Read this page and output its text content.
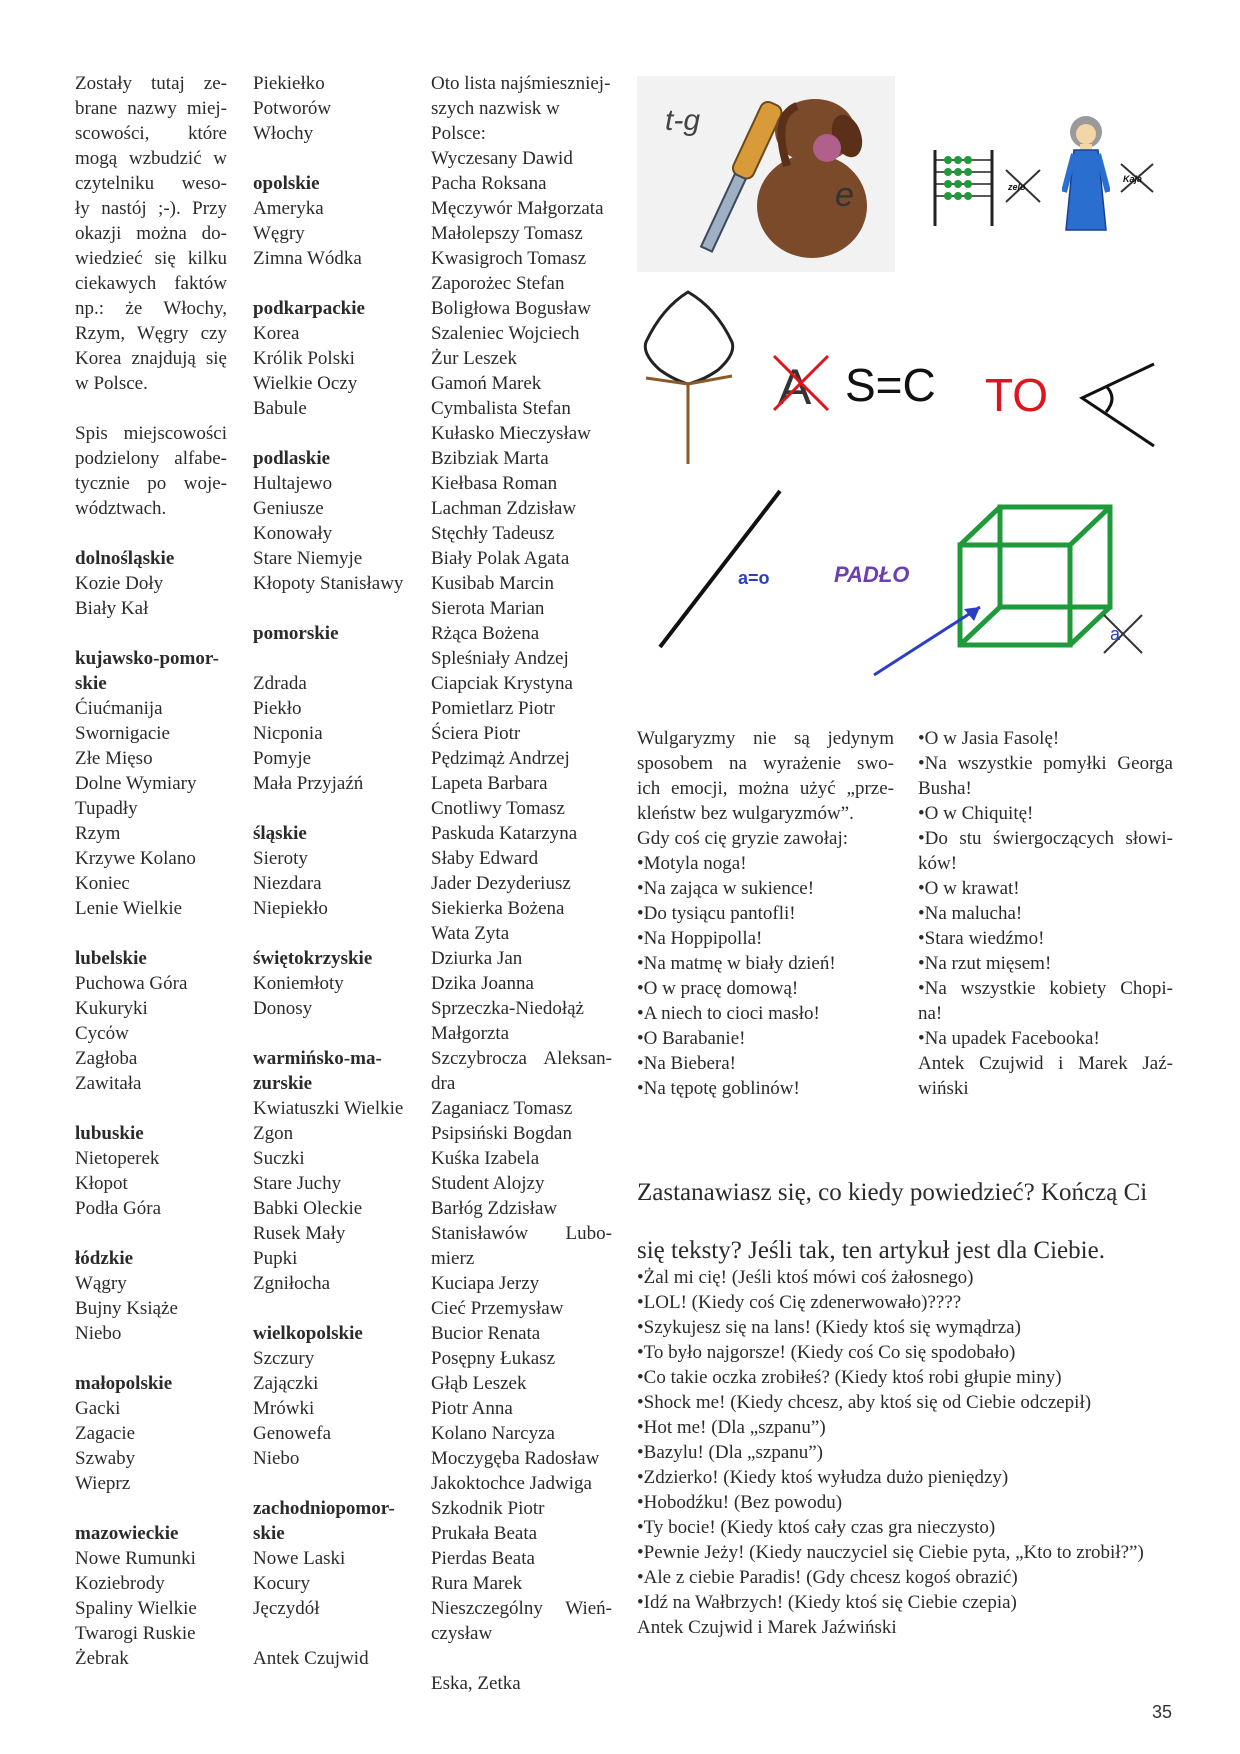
Zostały tutaj ze-

brane nazwy miej-

scowości, które

mogą wzbudzić w

czytelniku weso-

ły nastój ;-). Przy

okazji można do-

wiedzieć się kilku

ciekawych faktów

np.: że Włochy,

Rzym, Węgry czy

Korea znajdują się

w Polsce.

Spis miejscowości

podzielony alfabe-

tycznie po woje-

wództwach.

dolnośląskie

Kozie Doły

Biały Kał

kujawsko-pomor-

skie

Ćiućmanija

Swornigacie

Złe Mięso

Dolne Wymiary

Tupadły

Rzym

Krzywe Kolano

Koniec

Lenie Wielkie

lubelskie

Puchowa Góra

Kukuryki

Cycόw

Zagłoba

Zawitała

lubuskie

Nietoperek

Kłopot

Podła Góra

łódzkie

Wągry

Bujny Książe

Niebo

małopolskie

Gacki

Zagacie

Szwaby

Wieprz

mazowieckie

Nowe Rumunki

Koziebrody

Spaliny Wielkie

Twarogi Ruskie

Żebrak

Piekiełko

Potworów

Włochy

opolskie

Ameryka

Węgry

Zimna Wódka

podkarpackie

Korea

Królik Polski

Wielkie Oczy

Babule

podlaskie

Hultajewo

Geniusze

Konowały

Stare Niemyje

Kłopoty Stanisławy

pomorskie

Zdrada

Piekło

Nicponia

Pomyje

Mała Przyjaźń

śląskie

Sieroty

Niezdara

Niepiekło

świętokrzyskie

Koniemłoty

Donosy

warmińsko-ma-

zurskie

Kwiatuszki Wielkie

Zgon

Suczki

Stare Juchy

Babki Oleckie

Rusek Mały

Pupki

Zgniłocha

wielkopolskie

Szczury

Zajączki

Mrówki

Genowefa

Niebo

zachodniopomor-

skie

Nowe Laski

Kocury

Jęczydół

Antek Czujwid

Oto lista najśmieszniej-

szych nazwisk w Polsce:

Wyczesany Dawid

Pacha Roksana

Męczywór Małgorzata

Małolepszy Tomasz

Kwasigroch Tomasz

Zaporożec Stefan

Boligłowa Bogusław

Szaleniec Wojciech

Żur Leszek

Gamoń Marek

Cymbalista Stefan

Kułasko Mieczysław

Bzibziak Marta

Kiełbasa Roman

Lachman Zdzisław

Stęchły Tadeusz

Biały Polak Agata

Kusibab Marcin

Sierota Marian

Rżąca Bożena

Spleśniały Andzej

Ciapciak Krystyna

Pomietlarz Piotr

Ściera Piotr

Pędzimąż Andrzej

Lapeta Barbara

Cnotliwy Tomasz

Paskuda Katarzyna

Słaby Edward

Jader Dezyderiusz

Siekierka Bożena

Wata Zyta

Dziurka Jan

Dzika Joanna

Sprzeczka-Niedołąż

Małgorzta

Szczybrocza Aleksan-

dra

Zaganiacz Tomasz

Psipsiński Bogdan

Kuśka Izabela

Student Alojzy

Barłóg Zdzisław

Stanisławów Lubo-

mierz

Kuciapa Jerzy

Cieć Przemysław

Bucior Renata

Posępny Łukasz

Głąb Leszek

Piotr Anna

Kolano Narcyza

Moczygęba Radosław

Jakoktochce Jadwiga

Szkodnik Piotr

Prukała Beata

Pierdas Beata

Rura Marek

Nieszczególny Wień-

czysław

Eska, Zetka

t-g
e	zelo
Kaja
A S=C TO
a=o	PADŁO
a

Wulgaryzmy nie są jedynym

sposobem na wyrażenie swo-

ich emocji, można użyć „prze-

kleństw bez wulgaryzmów”.

Gdy coś cię gryzie zawołaj:

•Motyla noga!

•Na zająca w sukience!

•Do tysiącu pantofli!

•Na Hoppipolla!

•Na matmę w biały dzień!

•O w pracę domową!

•A niech to cioci masło!

•O Barabanie!

•Na Biebera!

•Na tępotę goblinów!

•O w Jasia Fasolę!

•Na wszystkie pomyłki Georga

Busha!

•O w Chiquitę!

•Do stu świergoczących słowi-

ków!

•O w krawat!

•Na malucha!

•Stara wiedźmo!

•Na rzut mięsem!

•Na wszystkie kobiety Chopi-

na!

•Na upadek Facebooka!

Antek Czujwid i Marek Jaź-

wiński

Zastanawiasz się, co kiedy powiedzieć? Kończą Ci

się teksty? Jeśli tak, ten artykuł jest dla Ciebie.

•Żal mi cię! (Jeśli ktoś mówi coś żałosnego)

•LOL! (Kiedy coś Cię zdenerwowało)????

•Szykujesz się na lans! (Kiedy ktoś się wymądrza)

•To było najgorsze! (Kiedy coś Co się spodobało)

•Co takie oczka zrobiłeś? (Kiedy ktoś robi głupie miny)

•Shock me! (Kiedy chcesz, aby ktoś się od Ciebie odczepił)

•Hot me! (Dla „szpanu”)

•Bazylu! (Dla „szpanu”)

•Zdzierko! (Kiedy ktoś wyłudza dużo pieniędzy)

•Hobodźku! (Bez powodu)

•Ty bocie! (Kiedy ktoś cały czas gra nieczysto)

•Pewnie Jeży! (Kiedy nauczyciel się Ciebie pyta, „Kto to zrobił?”)

•Ale z ciebie Paradis! (Gdy chcesz kogoś obrazić)

•Idź na Wałbrzych! (Kiedy ktoś się Ciebie czepia)

Antek Czujwid i Marek Jaźwiński

35
